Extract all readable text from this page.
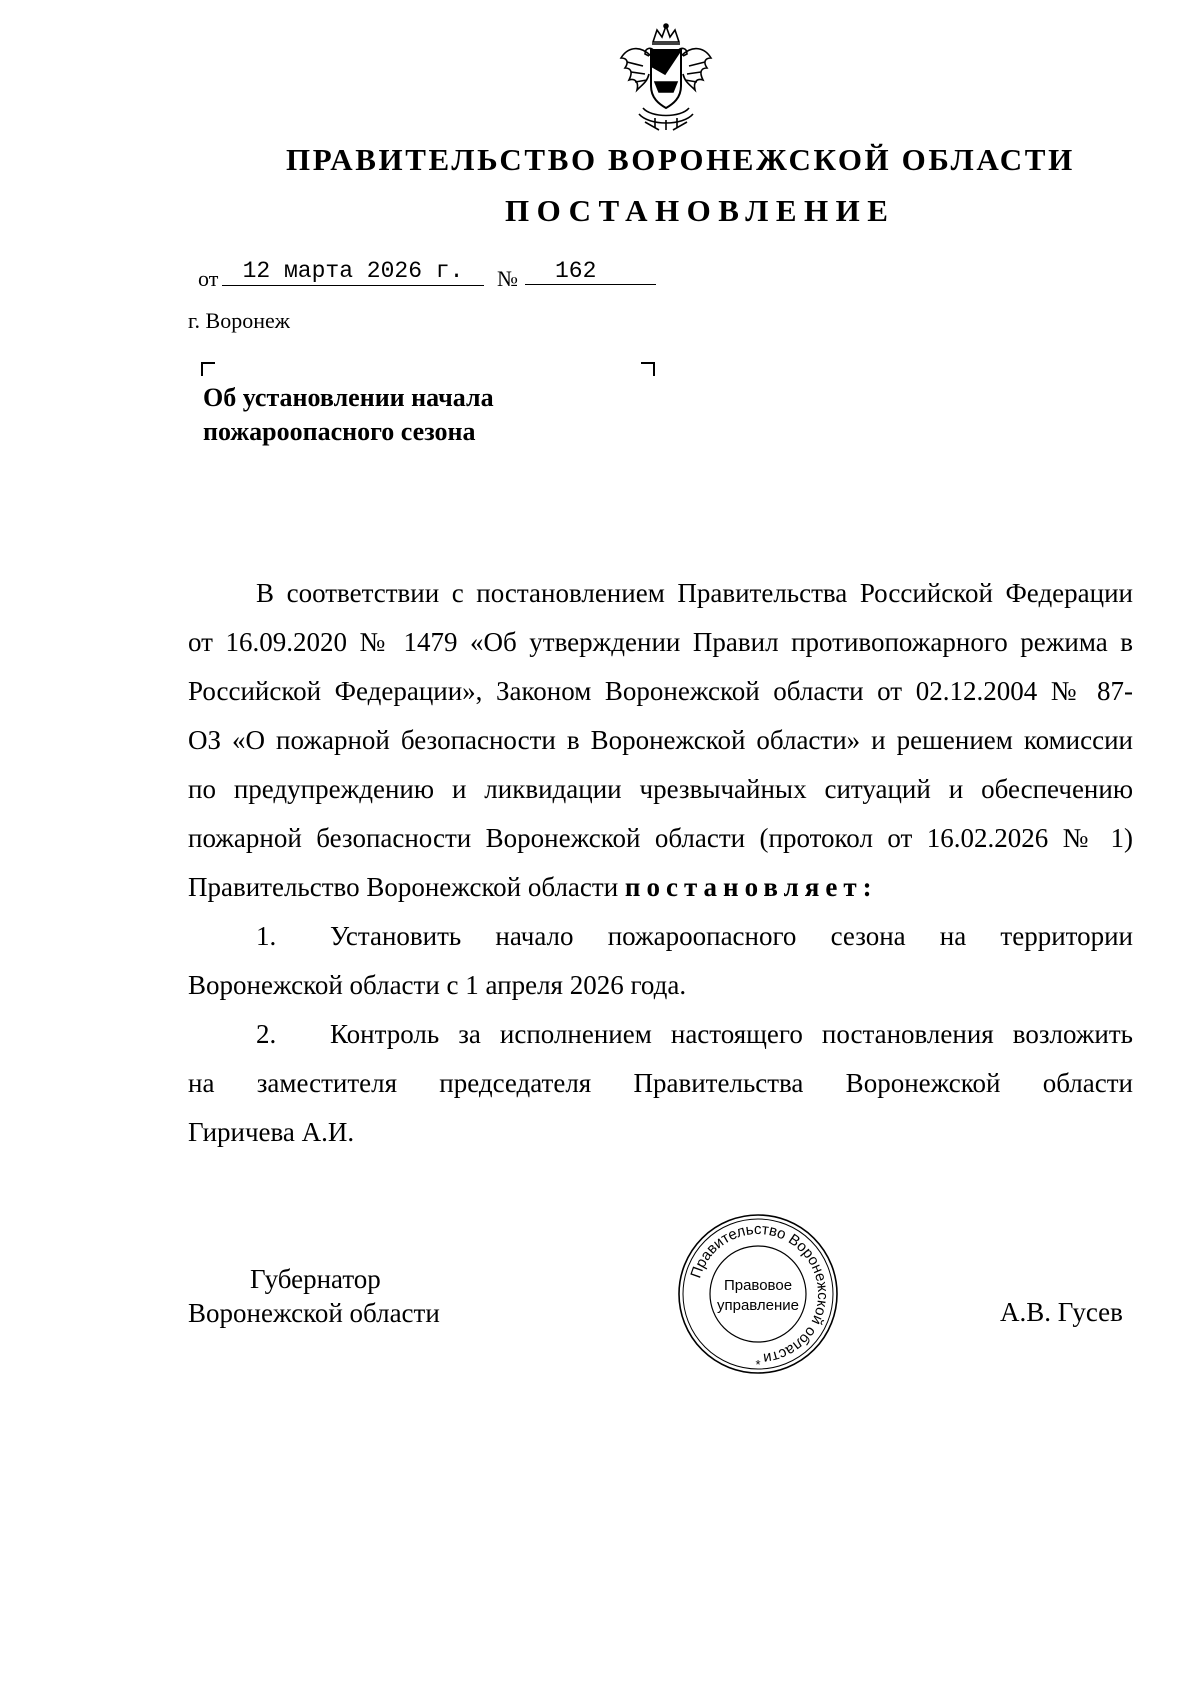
ПРАВИТЕЛЬСТВО ВОРОНЕЖСКОЙ ОБЛАСТИ
ПОСТАНОВЛЕНИЕ
от	12 марта 2026 г.	№	162
г. Воронеж
Об установлении начала
пожароопасного сезона
В соответствии с постановлением Правительства Российской Федерации
от 16.09.2020 № 1479 «Об утверждении Правил противопожарного режима в
Российской Федерации», Законом Воронежской области от 02.12.2004 № 87-
ОЗ «О пожарной безопасности в Воронежской области» и решением комиссии
по предупреждению и ликвидации чрезвычайных ситуаций и обеспечению
пожарной безопасности Воронежской области (протокол от 16.02.2026 № 1)
Правительство Воронежской области постановляет:
1.	Установить начало пожароопасного сезона на территории
Воронежской области с 1 апреля 2026 года.
2.	Контроль за исполнением настоящего постановления возложить
на заместителя председателя Правительства Воронежской области
Гиричева А.И.
Губернатор
Воронежской области
Правительство Воронежской области
Правовое
управление
*
А.В. Гусев
